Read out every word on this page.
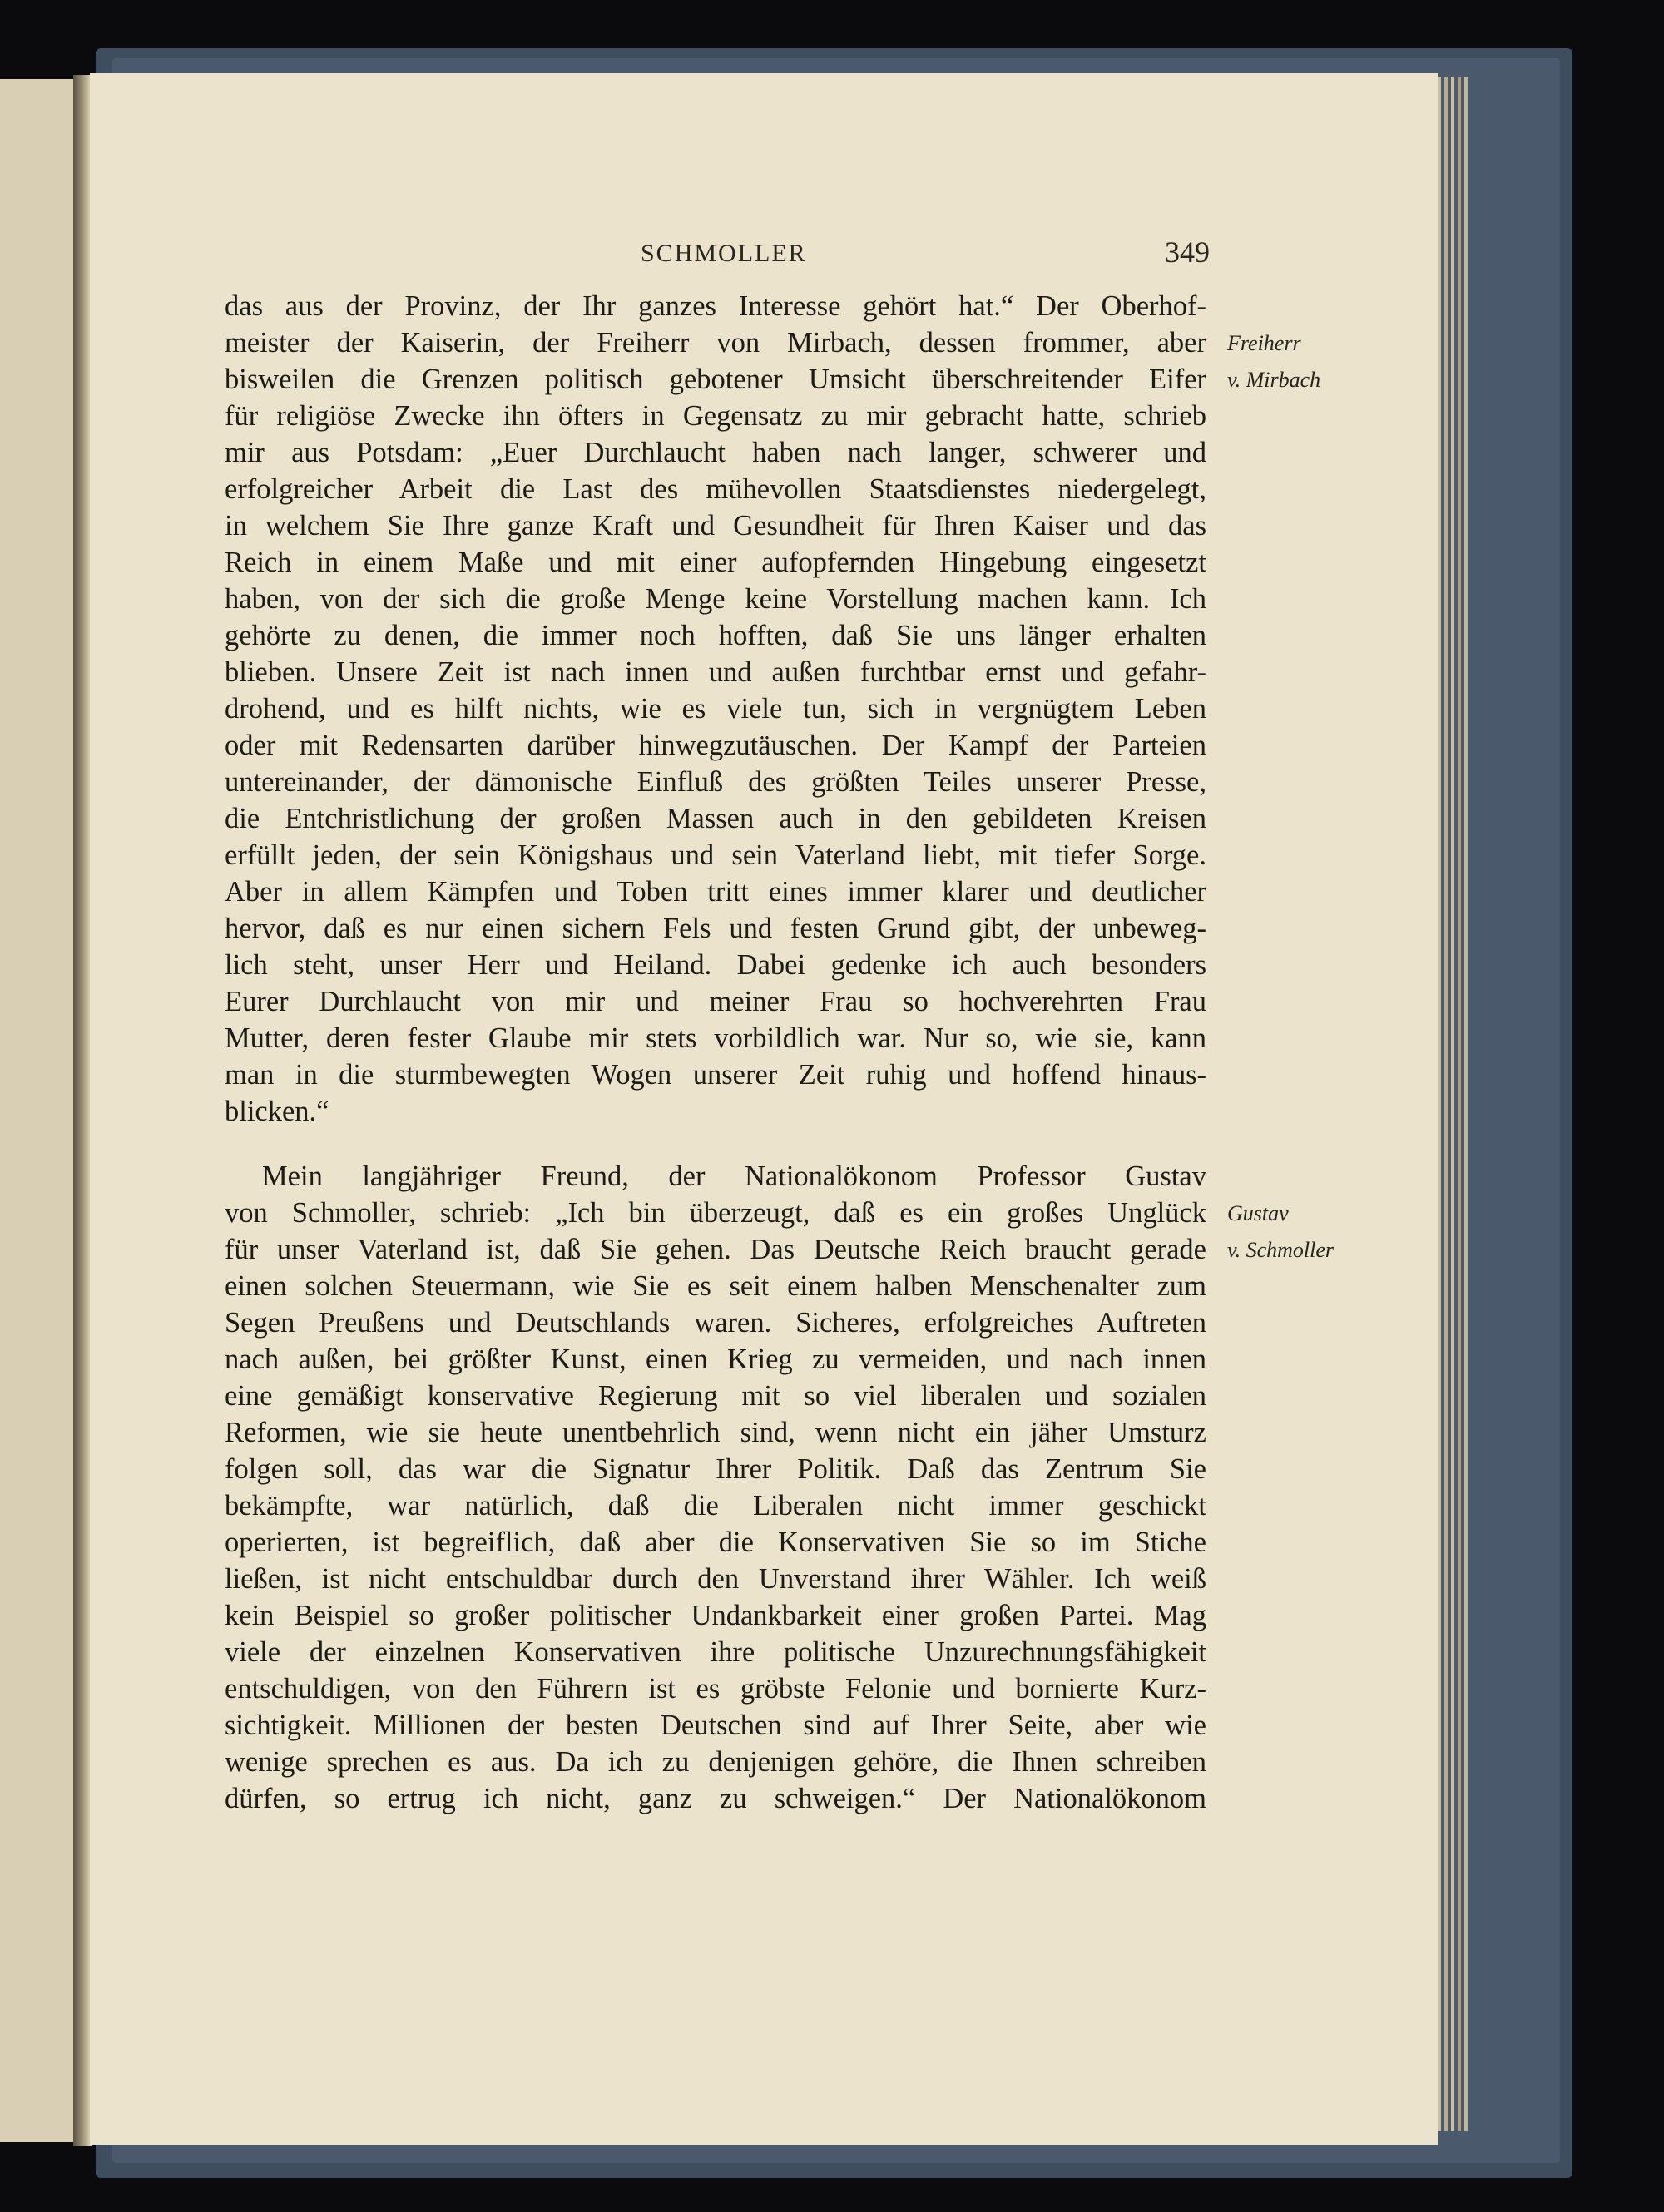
SCHMOLLER	349
das aus der Provinz, der Ihr ganzes Interesse gehört hat.“ Der Oberhof-
meister der Kaiserin, der Freiherr von Mirbach, dessen frommer, aber
bisweilen die Grenzen politisch gebotener Umsicht überschreitender Eifer
für religiöse Zwecke ihn öfters in Gegensatz zu mir gebracht hatte, schrieb
mir aus Potsdam: „Euer Durchlaucht haben nach langer, schwerer und
erfolgreicher Arbeit die Last des mühevollen Staatsdienstes niedergelegt,
in welchem Sie Ihre ganze Kraft und Gesundheit für Ihren Kaiser und das
Reich in einem Maße und mit einer aufopfernden Hingebung eingesetzt
haben, von der sich die große Menge keine Vorstellung machen kann. Ich
gehörte zu denen, die immer noch hofften, daß Sie uns länger erhalten
blieben. Unsere Zeit ist nach innen und außen furchtbar ernst und gefahr-
drohend, und es hilft nichts, wie es viele tun, sich in vergnügtem Leben
oder mit Redensarten darüber hinwegzutäuschen. Der Kampf der Parteien
untereinander, der dämonische Einfluß des größten Teiles unserer Presse,
die Entchristlichung der großen Massen auch in den gebildeten Kreisen
erfüllt jeden, der sein Königshaus und sein Vaterland liebt, mit tiefer Sorge.
Aber in allem Kämpfen und Toben tritt eines immer klarer und deutlicher
hervor, daß es nur einen sichern Fels und festen Grund gibt, der unbeweg-
lich steht, unser Herr und Heiland. Dabei gedenke ich auch besonders
Eurer Durchlaucht von mir und meiner Frau so hochverehrten Frau
Mutter, deren fester Glaube mir stets vorbildlich war. Nur so, wie sie, kann
man in die sturmbewegten Wogen unserer Zeit ruhig und hoffend hinaus-
blicken.“
Mein langjähriger Freund, der Nationalökonom Professor Gustav
von Schmoller, schrieb: „Ich bin überzeugt, daß es ein großes Unglück
für unser Vaterland ist, daß Sie gehen. Das Deutsche Reich braucht gerade
einen solchen Steuermann, wie Sie es seit einem halben Menschenalter zum
Segen Preußens und Deutschlands waren. Sicheres, erfolgreiches Auftreten
nach außen, bei größter Kunst, einen Krieg zu vermeiden, und nach innen
eine gemäßigt konservative Regierung mit so viel liberalen und sozialen
Reformen, wie sie heute unentbehrlich sind, wenn nicht ein jäher Umsturz
folgen soll, das war die Signatur Ihrer Politik. Daß das Zentrum Sie
bekämpfte, war natürlich, daß die Liberalen nicht immer geschickt
operierten, ist begreiflich, daß aber die Konservativen Sie so im Stiche
ließen, ist nicht entschuldbar durch den Unverstand ihrer Wähler. Ich weiß
kein Beispiel so großer politischer Undankbarkeit einer großen Partei. Mag
viele der einzelnen Konservativen ihre politische Unzurechnungsfähigkeit
entschuldigen, von den Führern ist es gröbste Felonie und bornierte Kurz-
sichtigkeit. Millionen der besten Deutschen sind auf Ihrer Seite, aber wie
wenige sprechen es aus. Da ich zu denjenigen gehöre, die Ihnen schreiben
dürfen, so ertrug ich nicht, ganz zu schweigen.“ Der Nationalökonom
Freiherr
v. Mirbach
Gustav
v. Schmoller
